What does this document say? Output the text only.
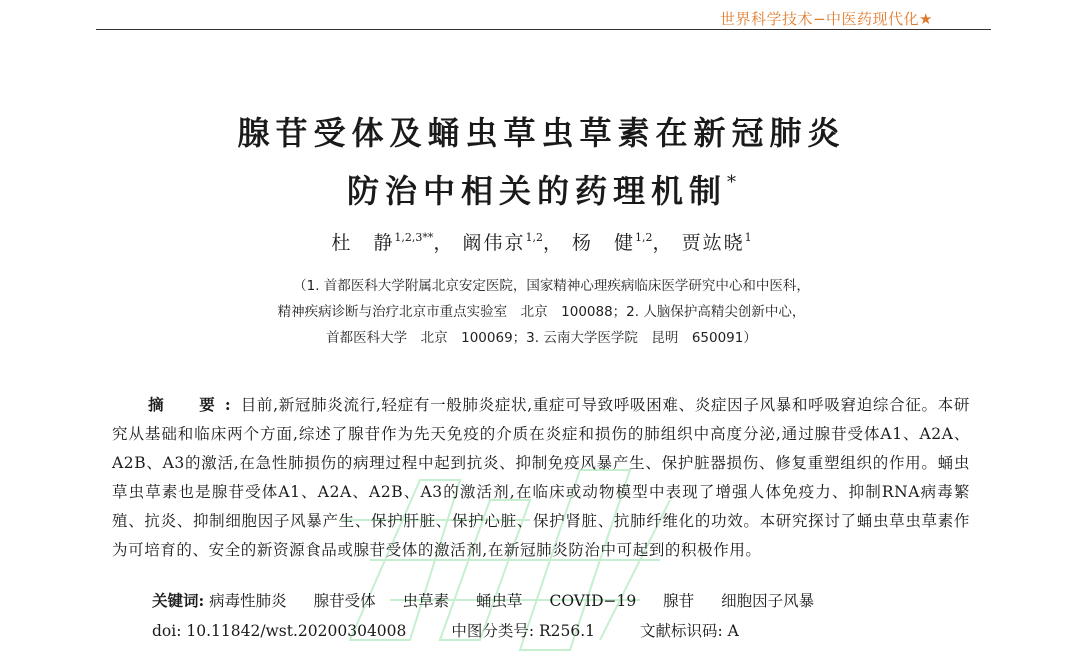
世界科学技术−中医药现代化★
腺苷受体及蛹虫草虫草素在新冠肺炎
防治中相关的药理机制*
杜　静$^{1,2,3**}$， 阚伟京$^{1,2}$， 杨　健$^{1,2}$， 贾竑晓$^1$
（1. 首都医科大学附属北京安定医院，国家精神心理疾病临床医学研究中心和中医科，
精神疾病诊断与治疗北京市重点实验室　北京　100088；2. 人脑保护高精尖创新中心，
首都医科大学　北京　100069；3. 云南大学医学院　昆明　650091）
摘　要:目前,新冠肺炎流行,轻症有一般肺炎症状,重症可导致呼吸困难、炎症因子风暴和呼吸窘迫综合征。本研究从基础和临床两个方面,综述了腺苷作为先天免疫的介质在炎症和损伤的肺组织中高度分泌,通过腺苷受体A1、A2A、A2B、A3的激活,在急性肺损伤的病理过程中起到抗炎、抑制免疫风暴产生、保护脏器损伤、修复重塑组织的作用。蛹虫草虫草素也是腺苷受体A1、A2A、A2B、A3的激活剂,在临床或动物模型中表现了增强人体免疫力、抑制RNA病毒繁殖、抗炎、抑制细胞因子风暴产生、保护肝脏、保护心脏、保护肾脏、抗肺纤维化的功效。本研究探讨了蛹虫草虫草素作为可培育的、安全的新资源食品或腺苷受体的激活剂,在新冠肺炎防治中可起到的积极作用。
关键词: 病毒性肺炎 腺苷受体 虫草素 蛹虫草 COVID−19 腺苷 细胞因子风暴
doi: 10.11842/wst.20200304008	中图分类号: R256.1	文献标识码: A
